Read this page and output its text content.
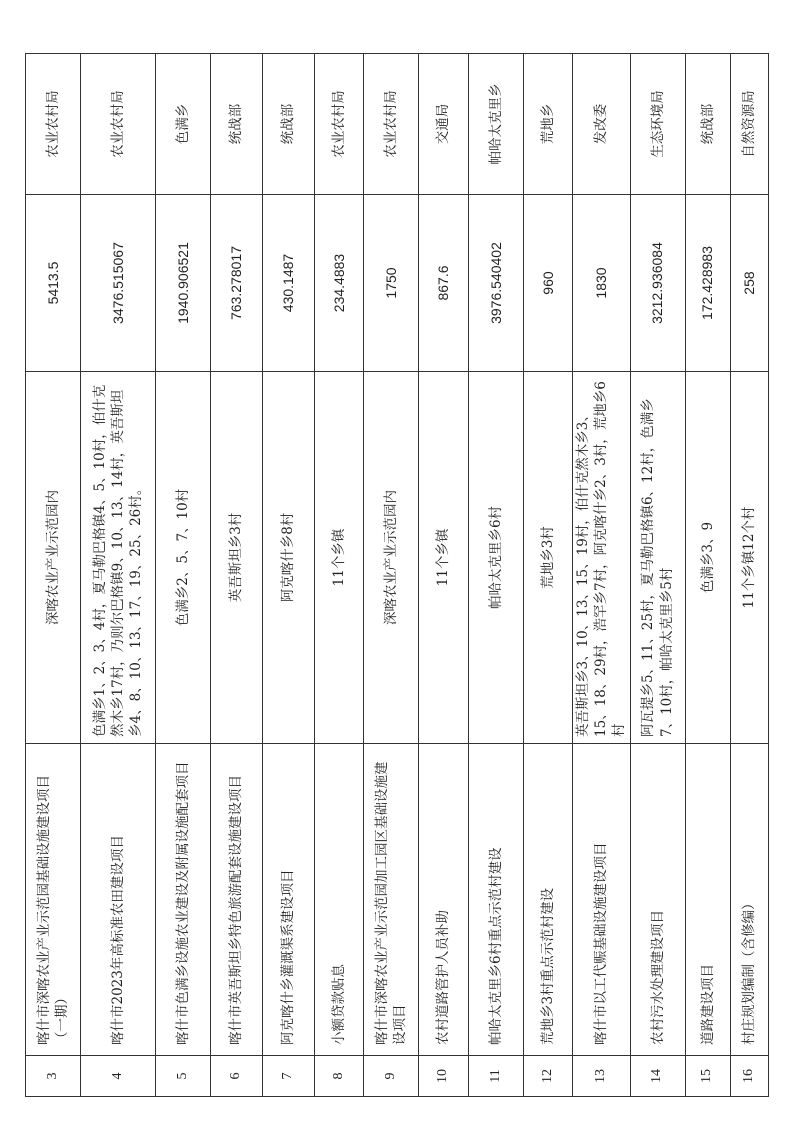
3	喀什市深喀农业产业示范园基础设施建设项目（一期）	深喀农业产业示范园内	5413.5	农业农村局
4	喀什市2023年高标准农田建设项目	色满乡1、2、3、4村，夏马勒巴格镇4、5、10村，伯什克然木乡17村，乃则尔巴格镇9、10、13、14村，英吾斯坦乡4、8、10、13、17、19、25、26村。	3476.515067	农业农村局
5	喀什市色满乡设施农业建设及附属设施配套项目	色满乡2、5、7、10村	1940.906521	色满乡
6	喀什市英吾斯坦乡特色旅游配套设施建设项目	英吾斯坦乡3村	763.278017	统战部
7	阿克喀什乡灌溉渠系建设项目	阿克喀什乡8村	430.1487	统战部
8	小额贷款贴息	11个乡镇	234.4883	农业农村局
9	喀什市深喀农业产业示范园加工园区基础设施建设项目	深喀农业产业示范园内	1750	农业农村局
10	农村道路管护人员补助	11个乡镇	867.6	交通局
11	帕哈太克里乡6村重点示范村建设	帕哈太克里乡6村	3976.540402	帕哈太克里乡
12	荒地乡3村重点示范村建设	荒地乡3村	960	荒地乡
13	喀什市以工代赈基础设施建设项目	英吾斯坦乡3、10、13、15、19村，伯什克然木乡3、15、18、29村，浩罕乡7村，阿克喀什乡2、3村，荒地乡6村	1830	发改委
14	农村污水处理建设项目	阿瓦提乡5、11、25村，夏马勒巴格镇6、12村，色满乡7、10村，帕哈太克里乡5村	3212.936084	生态环境局
15	道路建设项目	色满乡3、9	172.428983	统战部
16	村庄规划编制（含修编）	11个乡镇12个村	258	自然资源局
